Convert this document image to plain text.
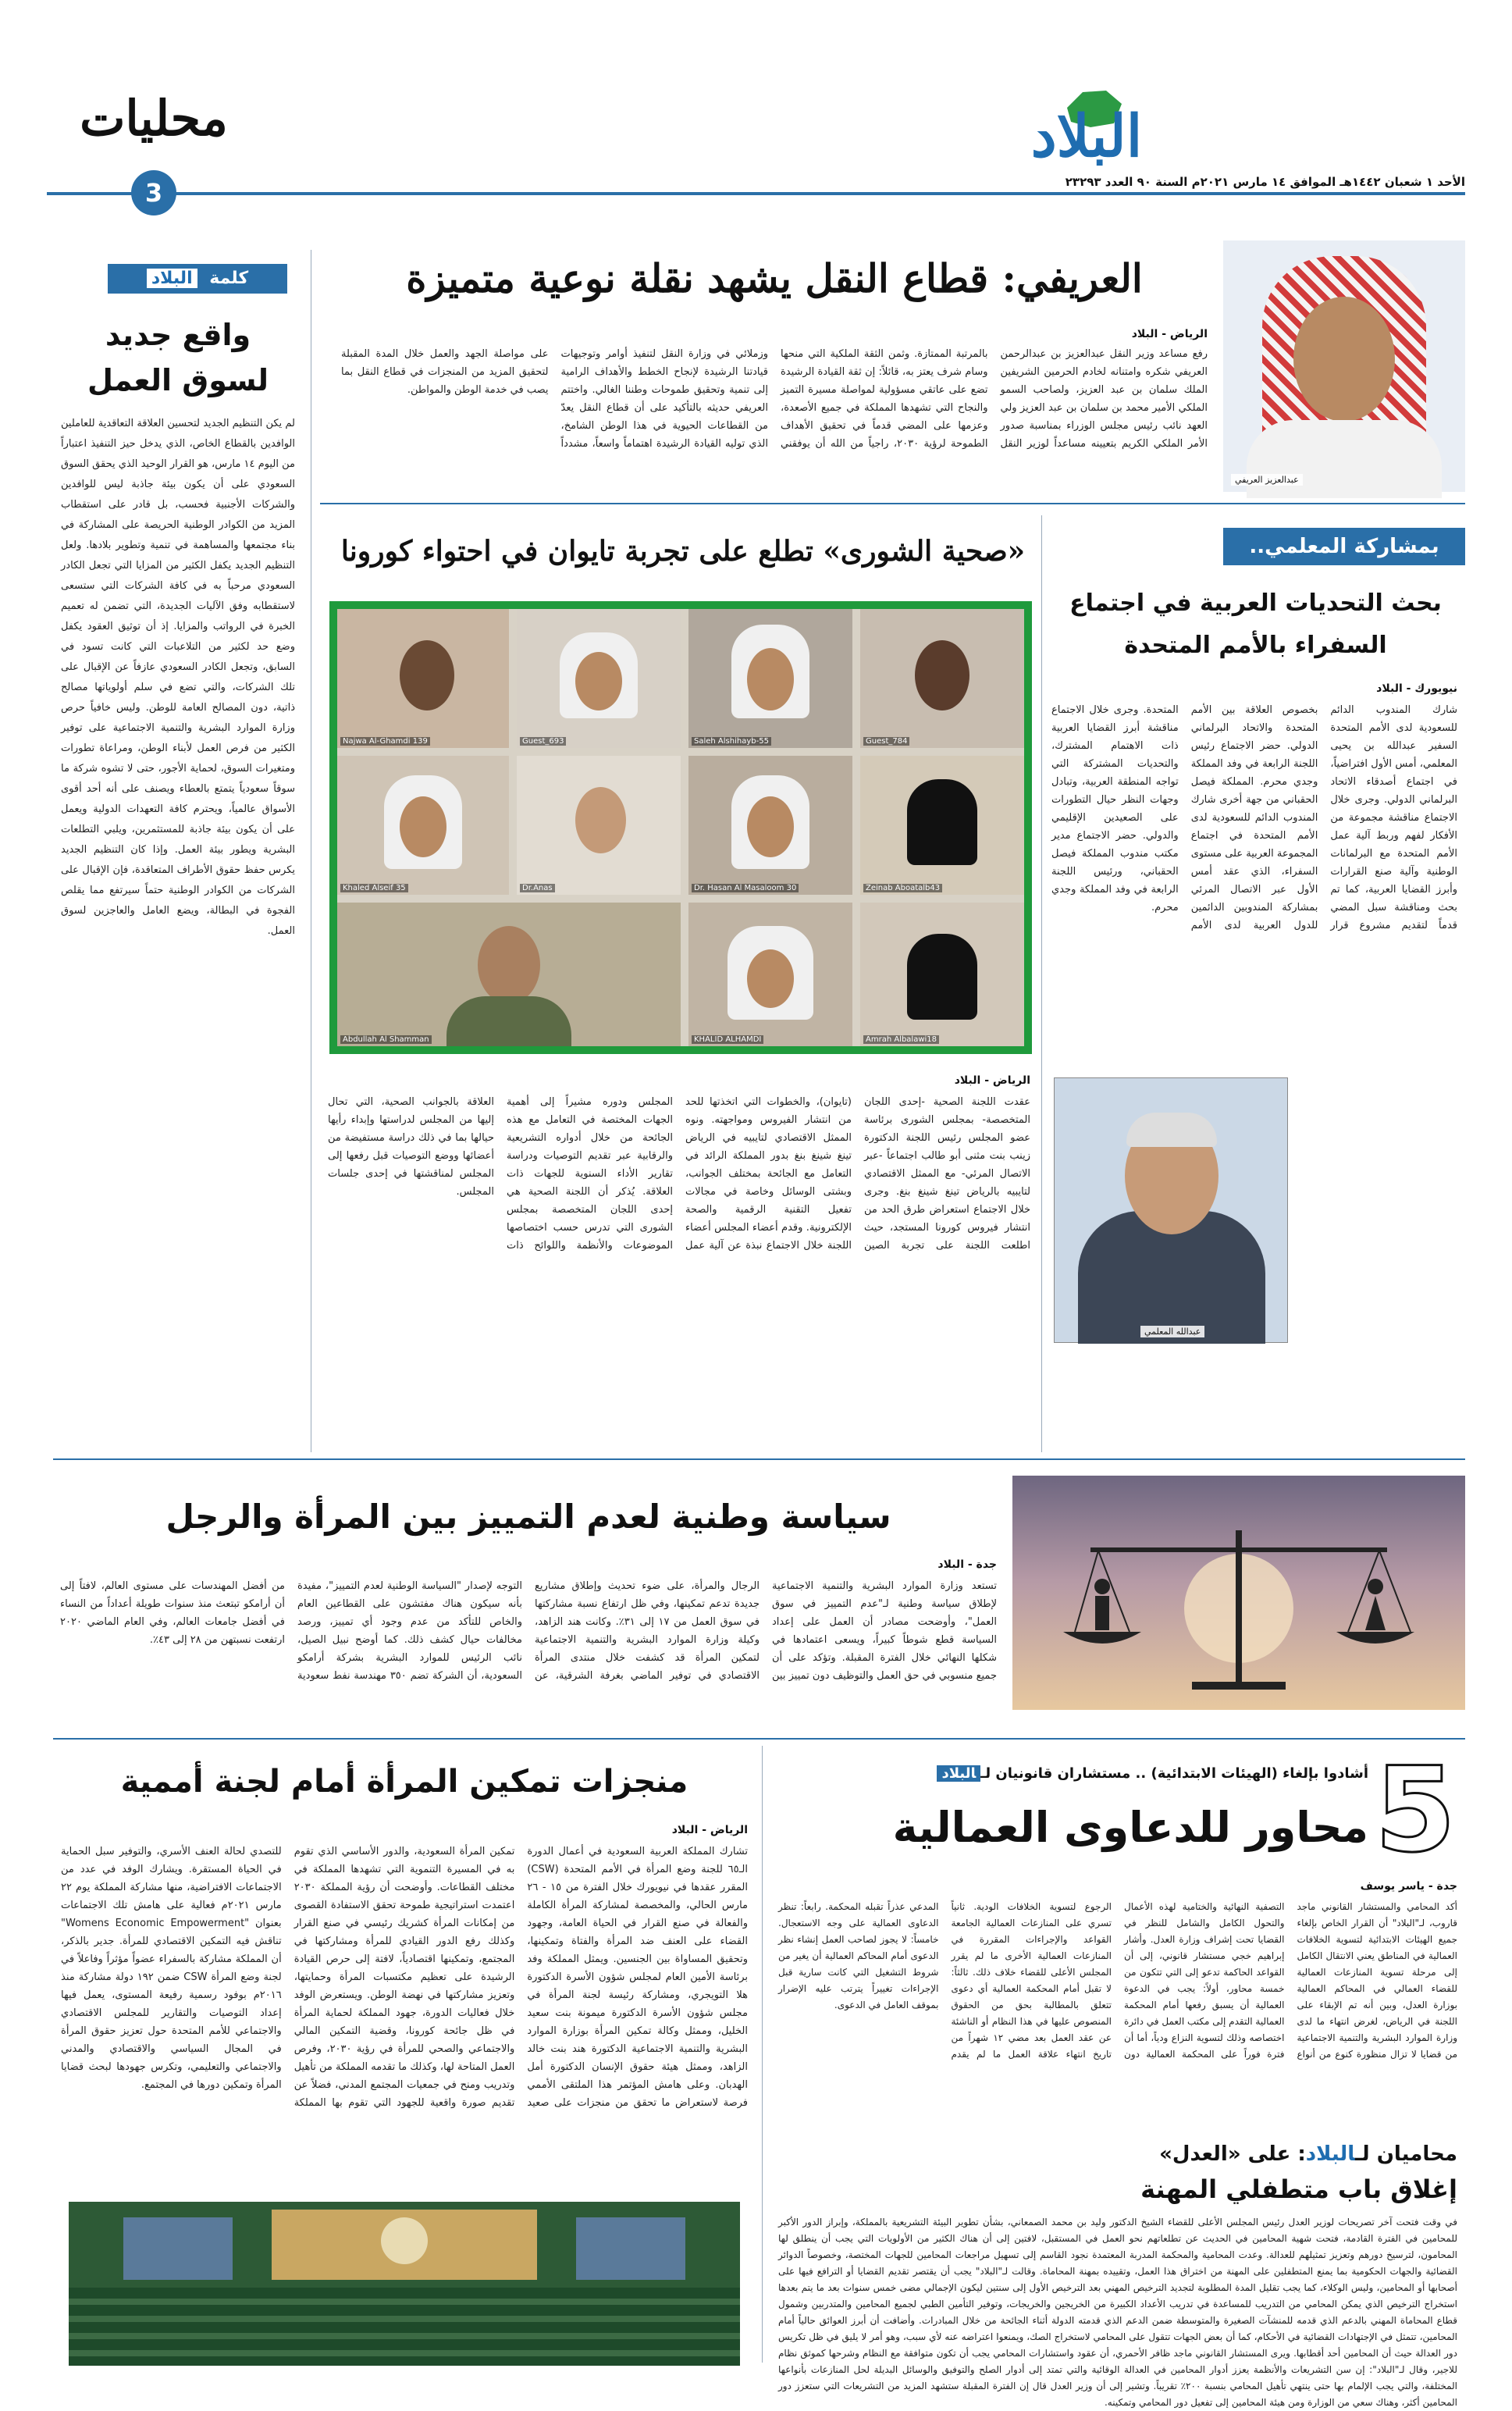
البلاد
محليات
الأحد ١ شعبان ١٤٤٢هـ الموافق ١٤ مارس ٢٠٢١م السنة ٩٠ العدد ٢٣٢٩٣
3
العريفي: قطاع النقل يشهد نقلة نوعية متميزة
عبدالعزيز العريفي
الرياض - البلاد
رفع مساعد وزير النقل عبدالعزيز بن عبدالرحمن العريفي شكره وامتنانه لخادم الحرمين الشريفين الملك سلمان بن عبد العزيز، ولصاحب السمو الملكي الأمير محمد بن سلمان بن عبد العزيز ولي العهد نائب رئيس مجلس الوزراء بمناسبة صدور الأمر الملكي الكريم بتعيينه مساعداً لوزير النقل بالمرتبة الممتازة. وثمن الثقة الملكية التي منحها وسام شرف يعتز به، قائلاً: إن ثقة القيادة الرشيدة تضع على عاتقي مسؤولية لمواصلة مسيرة التميز والنجاح التي تشهدها المملكة في جميع الأصعدة، وعزمها على المضي قدماً في تحقيق الأهداف الطموحة لرؤية ٢٠٣٠، راجياً من الله أن يوفقني وزملائي في وزارة النقل لتنفيذ أوامر وتوجيهات قيادتنا الرشيدة لإنجاح الخطط والأهداف الرامية إلى تنمية وتحقيق طموحات وطننا الغالي. واختتم العريفي حديثه بالتأكيد على أن قطاع النقل يعدّ من القطاعات الحيوية في هذا الوطن الشامخ، الذي توليه القيادة الرشيدة اهتماماً واسعاً، مشدداً على مواصلة الجهد والعمل خلال المدة المقبلة لتحقيق المزيد من المنجزات في قطاع النقل بما يصب في خدمة الوطن والمواطن.
كلمة البلاد
واقع جديد
لسوق العمل
لم يكن التنظيم الجديد لتحسين العلاقة التعاقدية للعاملين الوافدين بالقطاع الخاص، الذي يدخل حيز التنفيذ اعتباراً من اليوم ١٤ مارس، هو القرار الوحيد الذي يحقق السوق السعودي على أن يكون بيئة جاذبة ليس للوافدين والشركات الأجنبية فحسب، بل قادر على استقطاب المزيد من الكوادر الوطنية الحريصة على المشاركة في بناء مجتمعها والمساهمة في تنمية وتطوير بلادها. ولعل التنظيم الجديد يكفل الكثير من المزايا التي تجعل الكادر السعودي مرحباً به في كافة الشركات التي ستسعى لاستقطابه وفق الآليات الجديدة، التي تضمن له تعميم الخبرة في الرواتب والمزايا. إذ أن توثيق العقود يكفل وضع حد لكثير من التلاعبات التي كانت تسود في السابق، وتجعل الكادر السعودي عازفاً عن الإقبال على تلك الشركات، والتي تضع في سلم أولوياتها مصالح ذاتية، دون المصالح العامة للوطن. وليس خافياً حرص وزارة الموارد البشرية والتنمية الاجتماعية على توفير الكثير من فرص العمل لأبناء الوطن، ومراعاة تطورات ومتغيرات السوق، لحماية الأجور، حتى لا تشوه شركة ما سوقاً سعودياً يتمتع بالعطاء ويصنف على أنه أحد أقوى الأسواق عالمياً، ويحترم كافة التعهدات الدولية ويعمل على أن يكون بيئة جاذبة للمستثمرين، ويلبي التطلعات البشرية ويطور بيئة العمل. وإذا كان التنظيم الجديد يكرس حفظ حقوق الأطراف المتعاقدة، فإن الإقبال على الشركات من الكوادر الوطنية حتماً سيرتفع مما يقلص الفجوة في البطالة، ويضع العامل والعاجزين لسوق العمل.
بمشاركة المعلمي..
بحث التحديات العربية في اجتماع
السفراء بالأمم المتحدة
نيويورك - البلاد
شارك المندوب الدائم للسعودية لدى الأمم المتحدة السفير عبدالله بن يحيى المعلمي، أمس الأول افتراضياً، في اجتماع أصدقاء الاتحاد البرلماني الدولي. وجرى خلال الاجتماع مناقشة مجموعة من الأفكار لفهم وربط آلية عمل الأمم المتحدة مع البرلمانات الوطنية وآلية صنع القرارات وأبرز القضايا العربية، كما تم بحث ومناقشة سبل المضي قدماً لتقديم مشروع قرار بخصوص العلاقة بين الأمم المتحدة والاتحاد البرلماني الدولي. حضر الاجتماع رئيس اللجنة الرابعة في وفد المملكة وجدي محرم. المملكة فيصل الحقباني من جهة أخرى شارك المندوب الدائم للسعودية لدى الأمم المتحدة في اجتماع المجموعة العربية على مستوى السفراء، الذي عقد أمس الأول عبر الاتصال المرئي بمشاركة المندوبين الدائمين للدول العربية لدى الأمم المتحدة. وجرى خلال الاجتماع مناقشة أبرز القضايا العربية ذات الاهتمام المشترك، والتحديات المشتركة التي تواجه المنطقة العربية، وتبادل وجهات النظر حيال التطورات على الصعيدين الإقليمي والدولي. حضر الاجتماع مدير مكتب مندوب المملكة فيصل الحقباني، ورئيس اللجنة الرابعة في وفد المملكة وجدي محرم.
عبدالله المعلمي
«صحية الشورى» تطلع على تجربة تايوان في احتواء كورونا
Guest_784
Saleh Alshihayb-55
Guest_693
Najwa Al-Ghamdi 139
Zeinab Aboatalb43
Dr. Hasan Al Masaloom 30
Dr.Anas
Khaled Alseif 35
Amrah Albalawi18
KHALID ALHAMDI
Abdullah Al Shamman
الرياض - البلاد
عقدت اللجنة الصحية -إحدى اللجان المتخصصة- بمجلس الشورى برئاسة عضو المجلس رئيس اللجنة الدكتورة زينب بنت مثنى أبو طالب اجتماعاً -عبر الاتصال المرئي- مع الممثل الاقتصادي لتايبيه بالرياض تينغ شينغ بنغ. وجرى خلال الاجتماع استعراض طرق الحد من انتشار فيروس كورونا المستجد، حيث اطلعت اللجنة على تجربة الصين (تايوان)، والخطوات التي اتخذتها للحد من انتشار الفيروس ومواجهته. ونوه الممثل الاقتصادي لتايبيه في الرياض تينغ شينغ بنغ بدور المملكة الرائد في التعامل مع الجائحة بمختلف الجوانب، وبشتى الوسائل وخاصة في مجالات تفعيل التقنية الرقمية والصحة الإلكترونية. وقدم أعضاء المجلس أعضاء اللجنة خلال الاجتماع نبذة عن آلية عمل المجلس ودوره مشيراً إلى أهمية الجهات المختصة في التعامل مع هذه الجائحة من خلال أدواره التشريعية والرقابية عبر تقديم التوصيات ودراسة تقارير الأداء السنوية للجهات ذات العلاقة. يُذكر أن اللجنة الصحية هي إحدى اللجان المتخصصة بمجلس الشورى التي تدرس حسب اختصاصها الموضوعات والأنظمة واللوائح ذات العلاقة بالجوانب الصحية، التي تحال إليها من المجلس لدراستها وإبداء رأيها حيالها بما في ذلك دراسة مستفيضة من أعضائها ووضع التوصيات قبل رفعها إلى المجلس لمناقشتها في إحدى جلسات المجلس.
سياسة وطنية لعدم التمييز بين المرأة والرجل
جدة - البلاد
تستعد وزارة الموارد البشرية والتنمية الاجتماعية لإطلاق سياسة وطنية لـ"عدم التمييز في سوق العمل"، وأوضحت مصادر أن العمل على إعداد السياسة قطع شوطاً كبيراً، ويسعى اعتمادها في شكلها النهائي خلال الفترة المقبلة. وتؤكد على أن جميع منسوبي في حق العمل والتوظيف دون تمييز بين الرجال والمرأة، على ضوء تحديث وإطلاق مشاريع جديدة تدعم تمكينها، وفي ظل ارتفاع نسبة مشاركتها في سوق العمل من ١٧ إلى ٣١٪. وكانت هند الزاهد، وكيلة وزارة الموارد البشرية والتنمية الاجتماعية لتمكين المرأة قد كشفت خلال منتدى المرأة الاقتصادي في توفير الماضي بغرفة الشرقية، عن التوجه لإصدار "السياسة الوطنية لعدم التمييز"، مفيدة بأنه سيكون هناك مفتشون على القطاعين العام والخاص للتأكد من عدم وجود أي تمييز، ورصد مخالفات حيال كشف ذلك. كما أوضح نبيل الصيل، نائب الرئيس للموارد البشرية بشركة أرامكو السعودية، أن الشركة تضم ٣٥٠ مهندسة نفط سعودية من أفضل المهندسات على مستوى العالم، لافتاً إلى أن أرامكو تبتعث منذ سنوات طويلة أعداداً من النساء في أفضل جامعات العالم، وفي العام الماضي ٢٠٢٠ ارتفعت نسبتهن من ٢٨ إلى ٤٣٪.
منجزات تمكين المرأة أمام لجنة أممية
الرياض - البلاد
تشارك المملكة العربية السعودية في أعمال الدورة الـ٦٥ للجنة وضع المرأة في الأمم المتحدة (CSW) المقرر عقدها في نيويورك خلال الفترة من ١٥ - ٢٦ مارس الحالي، والمخصصة لمشاركة المرأة الكاملة والفعالة في صنع القرار في الحياة العامة، وجهود القضاء على العنف ضد المرأة والفتاة وتمكينها، وتحقيق المساواة بين الجنسين. ويمثل المملكة وفد برئاسة الأمين العام لمجلس شؤون الأسرة الدكتورة هلا التويجري، ومشاركة رئيسة لجنة المرأة في مجلس شؤون الأسرة الدكتورة ميمونة بنت سعيد الخليل، وممثل وكالة تمكين المرأة بوزارة الموارد البشرية والتنمية الاجتماعية الدكتورة هند بنت خالد الزاهد، وممثل هيئة حقوق الإنسان الدكتورة أمل الهدبان. وعلى هامش المؤتمر هذا الملتقى الأممي فرصة لاستعراض ما تحقق من منجزات على صعيد تمكين المرأة السعودية، والدور الأساسي الذي تقوم به في المسيرة التنموية التي تشهدها المملكة في مختلف القطاعات. وأوضحت أن رؤية المملكة ٢٠٣٠ اعتمدت استراتيجية طموحة تحقق الاستفادة القصوى من إمكانات المرأة كشريك رئيسي في صنع القرار وكذلك رفع الدور القيادي للمرأة ومشاركتها في المجتمع، وتمكينها اقتصادياً، لافتة إلى حرص القيادة الرشيدة على تعظيم مكتسبات المرأة وحمايتها، وتعزيز مشاركتها في نهضة الوطن. ويستعرض الوفد خلال فعاليات الدورة، جهود المملكة لحماية المرأة في ظل جائحة كورونا، وقضية التمكين المالي والاجتماعي والصحي للمرأة في رؤية ٢٠٣٠، وفرص العمل المتاحة لها، وكذلك ما تقدمه المملكة من تأهيل وتدريب ومنح في جمعيات المجتمع المدني، فضلاً عن تقديم صورة واقعية للجهود التي تقوم بها المملكة للتصدي لحالة العنف الأسري، والتوفير سبل الحماية في الحياة المستقرة. ويشارك الوفد في عدد من الاجتماعات الافتراضية، منها مشاركة المملكة يوم ٢٢ مارس ٢٠٢١م فعالية على هامش تلك الاجتماعات بعنوان "Womens Economic Empowerment" تناقش فيه التمكين الاقتصادي للمرأة. جدير بالذكر، أن المملكة مشاركة بالسفراء عضواً مؤثراً وفاعلاً في لجنة وضع المرأة CSW ضمن ١٩٢ دولة مشاركة منذ ٢٠١٦م بوفود رسمية رفيعة المستوى، يعمل فيها إعداد التوصيات والتقارير للمجلس الاقتصادي والاجتماعي للأمم المتحدة حول تعزيز حقوق المرأة في المجال السياسي والاقتصادي والمدني والاجتماعي والتعليمي، وتكرس جهودها لبحث قضايا المرأة وتمكين دورها في المجتمع.
5
أشادوا بإلغاء (الهيئات الابتدائية) .. مستشاران قانونيان لـالبلاد
محاور للدعاوى العمالية
جدة - ياسر يوسف
أكد المحامي والمستشار القانوني ماجد قاروب، لـ"البلاد" أن القرار الخاص بإلغاء جميع الهيئات الابتدائية لتسوية الخلافات العمالية في المناطق يعني الانتقال الكامل إلى مرحلة تسوية المنازعات العمالية للقضاء العمالي في المحاكم العمالية بوزارة العدل، وبين أنه تم الإبقاء على اللجنة في الرياض، لغرض انتهاء ما لدى وزارة الموارد البشرية والتنمية الاجتماعية من قضايا لا تزال منظورة كنوع من أنواع التصفية النهائية والختامية لهذه الأعمال والتحول الكامل والشامل للنظر في القضايا تحت إشراف وزارة العدل. وأشار إبراهيم خجي مستشار قانوني، إلى أن القواعد الحاكمة تدعو إلى التي تتكون من خمسة محاور، أولاً: يجب في الدعوة العمالية أن يسبق رفعها أمام المحكمة العمالية التقدم إلى مكتب العمل في دائرة اختصاصه وذلك لتسوية النزاع ودياً، أما أن فترة فوراً على المحكمة العمالية دون الرجوع لتسوية الخلافات الودية. ثانياً تسري على المنازعات العمالية الجامعة القواعد والإجراءات المقررة في المنازعات العمالية الأخرى ما لم يقرر المجلس الأعلى للقضاء خلاف ذلك. ثالثاً: لا تقبل أمام المحكمة العمالية أي دعوى تتعلق بالمطالبة بحق من الحقوق المنصوص عليها في هذا النظام أو الناشئة عن عقد العمل بعد مضي ١٢ شهراً من تاريخ انتهاء علاقة العمل ما لم يقدم المدعي عذراً تقبله المحكمة. رابعاً: تنظر الدعاوى العمالية على وجه الاستعجال. خامساً: لا يجوز لصاحب العمل إنشاء نظر الدعوى أمام المحاكم العمالية أن يغير من شروط التشغيل التي كانت سارية قبل الإجراءات تغييراً يترتب عليه الإضرار بموقف العامل في الدعوى.
محاميان لـالبلاد: على «العدل»
إغلاق باب متطفلي المهنة
في وقت فتحت آخر تصريحات لوزير العدل رئيس المجلس الأعلى للقضاء الشيخ الدكتور وليد بن محمد الصمعاني، بشأن تطوير البيئة التشريعية بالمملكة، وإبراز الدور الأكبر للمحامين في الفترة القادمة، فتحت شهية المحامين في الحديث عن تطلعاتهم نحو العمل في المستقبل، لافتين إلى أن هناك الكثير من الأولويات التي يجب أن ينطلق لها المحامون، لترسيخ دورهم وتعزيز تمثيلهم للعدالة. وعدت المحامية والمحكمة المدربة المعتمدة نجود القاسم إلى تسهيل مراجعات المحامين للجهات المختصة، وخصوصاً الدوائر القضائية والجهات الحكومية بما يمنع المتطفلين على المهنة من اختراق هذا العمل، وتقييده بمهنة المحاماة. وقالت لـ"البلاد" يجب أن يقتصر تقديم القضايا أو الترافع فيها على أصحابها أو المحامين، وليس الوكلاء، كما يجب تقليل المدة المطلوبة لتجديد الترخيص المهني بعد الترخيص الأول إلى سنتين ليكون الإجمالي مضى خمس سنوات بعد ما يتم بعدها استخراج الترخيص الذي يمكن المحامي من التدريب للمساعدة في تدريب الأعداد الكبيرة من الخريجين والخريجات، وتوفير التأمين الطبي لجميع المحامين والمتدربين وشمول قطاع المحاماة المهني بالدعم الذي قدمه للمنشآت الصغيرة والمتوسطة ضمن الدعم الذي قدمته الدولة أثناء الجائحة من خلال المبادرات. وأضافت أن أبرز العوائق حالياً أمام المحامين، تتمثل في الإجتهادات القضائية في الأحكام، كما أن بعض الجهات تتقول على المحامي لاستخراج الصك، ويمنعوا اعتراضه عنه لأي سبب، وهو أمر لا يليق في ظل تكريس دور العدالة حيث أن المحامين أحد أقطابها. ويرى المستشار القانوني ماجد ظافر الأحمري، أن عقود واستشارات المحامي يجب أن تكون متوافقة مع النظام وشرحها كموثق نظام للاجير، وقال لـ"البلاد": إن سن التشريعات والأنظمة يعزز أدوار المحامين في العدالة الوقائية والتي تمتد إلى أدوار الصلح والتوفيق والوسائل البديلة لحل المنازعات بأنواعها المختلفة، والتي يجب الإلمام بها حتى ينتهي تأهيل المحامي بنسبة ٢٠٠٪ تقريباً. وتشير إلى أن وزير العدل قال إن الفترة المقبلة ستشهد المزيد من التشريعات التي ستعزز دور المحامين أكثر، وهناك سعي من الوزارة ومن هيئة المحامين إلى تفعيل دور المحامي وتمكينه.
